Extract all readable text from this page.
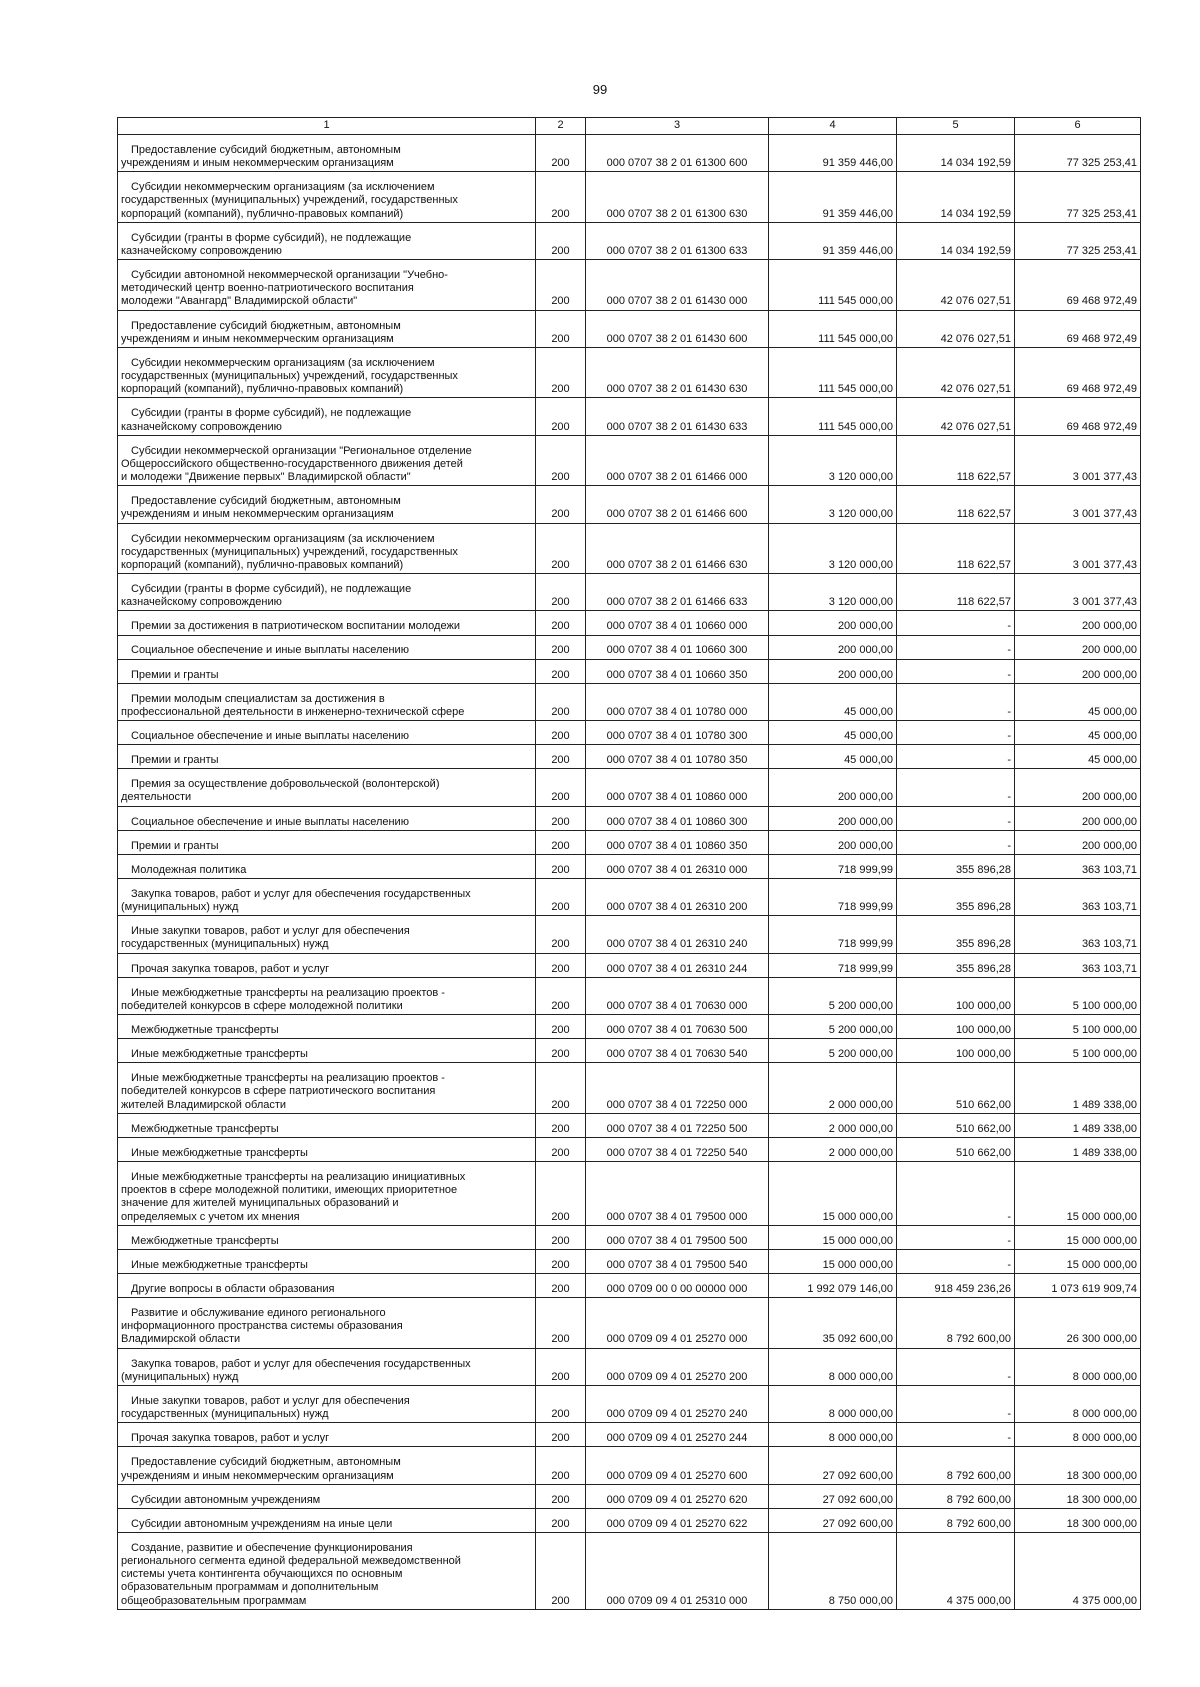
99
1	2	3	4	5	6
Предоставление субсидий бюджетным, автономным
учреждениям и иным некоммерческим организациям	200	000 0707 38 2 01 61300 600	91 359 446,00	14 034 192,59	77 325 253,41
Субсидии некоммерческим организациям (за исключением
государственных (муниципальных) учреждений, государственных
корпораций (компаний), публично-правовых компаний)	200	000 0707 38 2 01 61300 630	91 359 446,00	14 034 192,59	77 325 253,41
Субсидии (гранты в форме субсидий), не подлежащие
казначейскому сопровождению	200	000 0707 38 2 01 61300 633	91 359 446,00	14 034 192,59	77 325 253,41
Субсидии автономной некоммерческой организации "Учебно-
методический центр военно-патриотического воспитания
молодежи "Авангард" Владимирской области"	200	000 0707 38 2 01 61430 000	111 545 000,00	42 076 027,51	69 468 972,49
Предоставление субсидий бюджетным, автономным
учреждениям и иным некоммерческим организациям	200	000 0707 38 2 01 61430 600	111 545 000,00	42 076 027,51	69 468 972,49
Субсидии некоммерческим организациям (за исключением
государственных (муниципальных) учреждений, государственных
корпораций (компаний), публично-правовых компаний)	200	000 0707 38 2 01 61430 630	111 545 000,00	42 076 027,51	69 468 972,49
Субсидии (гранты в форме субсидий), не подлежащие
казначейскому сопровождению	200	000 0707 38 2 01 61430 633	111 545 000,00	42 076 027,51	69 468 972,49
Субсидии некоммерческой организации "Региональное отделение
Общероссийского общественно-государственного движения детей
и молодежи "Движение первых" Владимирской области"	200	000 0707 38 2 01 61466 000	3 120 000,00	118 622,57	3 001 377,43
Предоставление субсидий бюджетным, автономным
учреждениям и иным некоммерческим организациям	200	000 0707 38 2 01 61466 600	3 120 000,00	118 622,57	3 001 377,43
Субсидии некоммерческим организациям (за исключением
государственных (муниципальных) учреждений, государственных
корпораций (компаний), публично-правовых компаний)	200	000 0707 38 2 01 61466 630	3 120 000,00	118 622,57	3 001 377,43
Субсидии (гранты в форме субсидий), не подлежащие
казначейскому сопровождению	200	000 0707 38 2 01 61466 633	3 120 000,00	118 622,57	3 001 377,43
Премии за достижения в патриотическом воспитании молодежи	200	000 0707 38 4 01 10660 000	200 000,00	-	200 000,00
Социальное обеспечение и иные выплаты населению	200	000 0707 38 4 01 10660 300	200 000,00	-	200 000,00
Премии и гранты	200	000 0707 38 4 01 10660 350	200 000,00	-	200 000,00
Премии молодым специалистам за достижения в
профессиональной деятельности в инженерно-технической сфере	200	000 0707 38 4 01 10780 000	45 000,00	-	45 000,00
Социальное обеспечение и иные выплаты населению	200	000 0707 38 4 01 10780 300	45 000,00	-	45 000,00
Премии и гранты	200	000 0707 38 4 01 10780 350	45 000,00	-	45 000,00
Премия за осуществление добровольческой (волонтерской)
деятельности	200	000 0707 38 4 01 10860 000	200 000,00	-	200 000,00
Социальное обеспечение и иные выплаты населению	200	000 0707 38 4 01 10860 300	200 000,00	-	200 000,00
Премии и гранты	200	000 0707 38 4 01 10860 350	200 000,00	-	200 000,00
Молодежная политика	200	000 0707 38 4 01 26310 000	718 999,99	355 896,28	363 103,71
Закупка товаров, работ и услуг для обеспечения государственных
(муниципальных) нужд	200	000 0707 38 4 01 26310 200	718 999,99	355 896,28	363 103,71
Иные закупки товаров, работ и услуг для обеспечения
государственных (муниципальных) нужд	200	000 0707 38 4 01 26310 240	718 999,99	355 896,28	363 103,71
Прочая закупка товаров, работ и услуг	200	000 0707 38 4 01 26310 244	718 999,99	355 896,28	363 103,71
Иные межбюджетные трансферты на реализацию проектов -
победителей конкурсов в сфере молодежной политики	200	000 0707 38 4 01 70630 000	5 200 000,00	100 000,00	5 100 000,00
Межбюджетные трансферты	200	000 0707 38 4 01 70630 500	5 200 000,00	100 000,00	5 100 000,00
Иные межбюджетные трансферты	200	000 0707 38 4 01 70630 540	5 200 000,00	100 000,00	5 100 000,00
Иные межбюджетные трансферты на реализацию проектов -
победителей конкурсов в сфере патриотического воспитания
жителей Владимирской области	200	000 0707 38 4 01 72250 000	2 000 000,00	510 662,00	1 489 338,00
Межбюджетные трансферты	200	000 0707 38 4 01 72250 500	2 000 000,00	510 662,00	1 489 338,00
Иные межбюджетные трансферты	200	000 0707 38 4 01 72250 540	2 000 000,00	510 662,00	1 489 338,00
Иные межбюджетные трансферты на реализацию инициативных
проектов в сфере молодежной политики, имеющих приоритетное
значение для жителей муниципальных образований и
определяемых с учетом их мнения	200	000 0707 38 4 01 79500 000	15 000 000,00	-	15 000 000,00
Межбюджетные трансферты	200	000 0707 38 4 01 79500 500	15 000 000,00	-	15 000 000,00
Иные межбюджетные трансферты	200	000 0707 38 4 01 79500 540	15 000 000,00	-	15 000 000,00
Другие вопросы в области образования	200	000 0709 00 0 00 00000 000	1 992 079 146,00	918 459 236,26	1 073 619 909,74
Развитие и обслуживание единого регионального
информационного пространства системы образования
Владимирской области	200	000 0709 09 4 01 25270 000	35 092 600,00	8 792 600,00	26 300 000,00
Закупка товаров, работ и услуг для обеспечения государственных
(муниципальных) нужд	200	000 0709 09 4 01 25270 200	8 000 000,00	-	8 000 000,00
Иные закупки товаров, работ и услуг для обеспечения
государственных (муниципальных) нужд	200	000 0709 09 4 01 25270 240	8 000 000,00	-	8 000 000,00
Прочая закупка товаров, работ и услуг	200	000 0709 09 4 01 25270 244	8 000 000,00	-	8 000 000,00
Предоставление субсидий бюджетным, автономным
учреждениям и иным некоммерческим организациям	200	000 0709 09 4 01 25270 600	27 092 600,00	8 792 600,00	18 300 000,00
Субсидии автономным учреждениям	200	000 0709 09 4 01 25270 620	27 092 600,00	8 792 600,00	18 300 000,00
Субсидии автономным учреждениям на иные цели	200	000 0709 09 4 01 25270 622	27 092 600,00	8 792 600,00	18 300 000,00
Создание, развитие и обеспечение функционирования
регионального сегмента единой федеральной межведомственной
системы учета контингента обучающихся по основным
образовательным программам и дополнительным
общеобразовательным программам	200	000 0709 09 4 01 25310 000	8 750 000,00	4 375 000,00	4 375 000,00
